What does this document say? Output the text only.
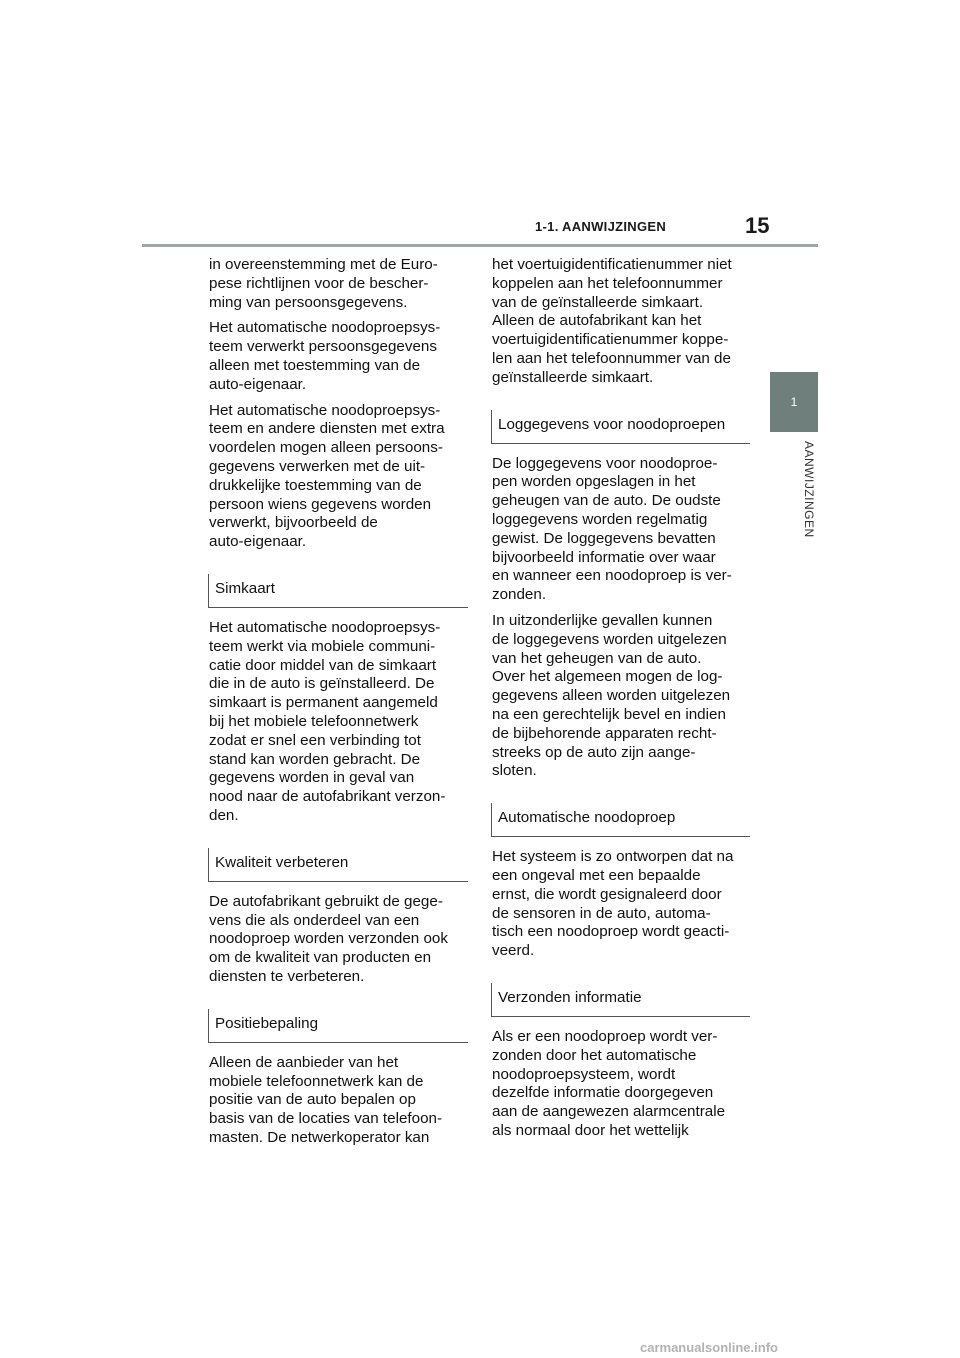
1-1. AANWIJZINGEN	15
1
AANWIJZINGEN

in overeenstemming met de Euro-
pese richtlijnen voor de bescher-
ming van persoonsgegevens.

Het automatische noodoproepsys-
teem verwerkt persoonsgegevens
alleen met toestemming van de
auto-eigenaar.

Het automatische noodoproepsys-
teem en andere diensten met extra
voordelen mogen alleen persoons-
gegevens verwerken met de uit-
drukkelijke toestemming van de
persoon wiens gegevens worden
verwerkt, bijvoorbeeld de
auto-eigenaar.

Simkaart

Het automatische noodoproepsys-
teem werkt via mobiele communi-
catie door middel van de simkaart
die in de auto is geïnstalleerd. De
simkaart is permanent aangemeld
bij het mobiele telefoonnetwerk
zodat er snel een verbinding tot
stand kan worden gebracht. De
gegevens worden in geval van
nood naar de autofabrikant verzon-
den.

Kwaliteit verbeteren

De autofabrikant gebruikt de gege-
vens die als onderdeel van een
noodoproep worden verzonden ook
om de kwaliteit van producten en
diensten te verbeteren.

Positiebepaling

Alleen de aanbieder van het
mobiele telefoonnetwerk kan de
positie van de auto bepalen op
basis van de locaties van telefoon-
masten. De netwerkoperator kan

het voertuigidentificatienummer niet
koppelen aan het telefoonnummer
van de geïnstalleerde simkaart.
Alleen de autofabrikant kan het
voertuigidentificatienummer koppe-
len aan het telefoonnummer van de
geïnstalleerde simkaart.

Loggegevens voor noodoproepen

De loggegevens voor noodoproe-
pen worden opgeslagen in het
geheugen van de auto. De oudste
loggegevens worden regelmatig
gewist. De loggegevens bevatten
bijvoorbeeld informatie over waar
en wanneer een noodoproep is ver-
zonden.

In uitzonderlijke gevallen kunnen
de loggegevens worden uitgelezen
van het geheugen van de auto.
Over het algemeen mogen de log-
gegevens alleen worden uitgelezen
na een gerechtelijk bevel en indien
de bijbehorende apparaten recht-
streeks op de auto zijn aange-
sloten.

Automatische noodoproep

Het systeem is zo ontworpen dat na
een ongeval met een bepaalde
ernst, die wordt gesignaleerd door
de sensoren in de auto, automa-
tisch een noodoproep wordt geacti-
veerd.

Verzonden informatie

Als er een noodoproep wordt ver-
zonden door het automatische
noodoproepsysteem, wordt
dezelfde informatie doorgegeven
aan de aangewezen alarmcentrale
als normaal door het wettelijk

carmanualsonline.info
